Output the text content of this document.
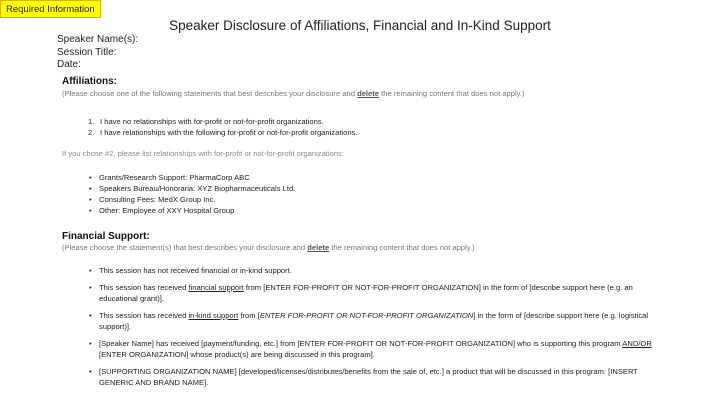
Required Information
Speaker Disclosure of Affiliations, Financial and In-Kind Support
Speaker Name(s):
Session Title:
Date:
Affiliations:
(Please choose one of the following statements that best describes your disclosure and delete the remaining content that does not apply.)
1. I have no relationships with for-profit or not-for-profit organizations.
2. I have relationships with the following for-profit or not-for-profit organizations.
If you chose #2, please list relationships with for-profit or not-for-profit organizations:
• Grants/Research Support: PharmaCorp ABC
• Speakers Bureau/Honoraria: XYZ Biopharmaceuticals Ltd.
• Consulting Fees: MedX Group Inc.
• Other: Employee of XXY Hospital Group
Financial Support:
(Please choose the statement(s) that best describes your disclosure and delete the remaining content that does not apply.)
• This session has not received financial or in-kind support.
• This session has received financial support from [ENTER FOR-PROFIT OR NOT-FOR-PROFIT ORGANIZATION] in the form of [describe support here (e.g. an educational grant)].
• This session has received in-kind support from [ENTER FOR-PROFIT OR NOT-FOR-PROFIT ORGANIZATION] in the form of [describe support here (e.g. logistical support)].
• [Speaker Name] has received [payment/funding, etc.] from [ENTER FOR-PROFIT OR NOT-FOR-PROFIT ORGANIZATION] who is supporting this program AND/OR [ENTER ORGANIZATION] whose product(s) are being discussed in this program].
• [SUPPORTING ORGANIZATION NAME] [developed/licenses/distributes/benefits from the sale of, etc.] a product that will be discussed in this program: [INSERT GENERIC AND BRAND NAME].
